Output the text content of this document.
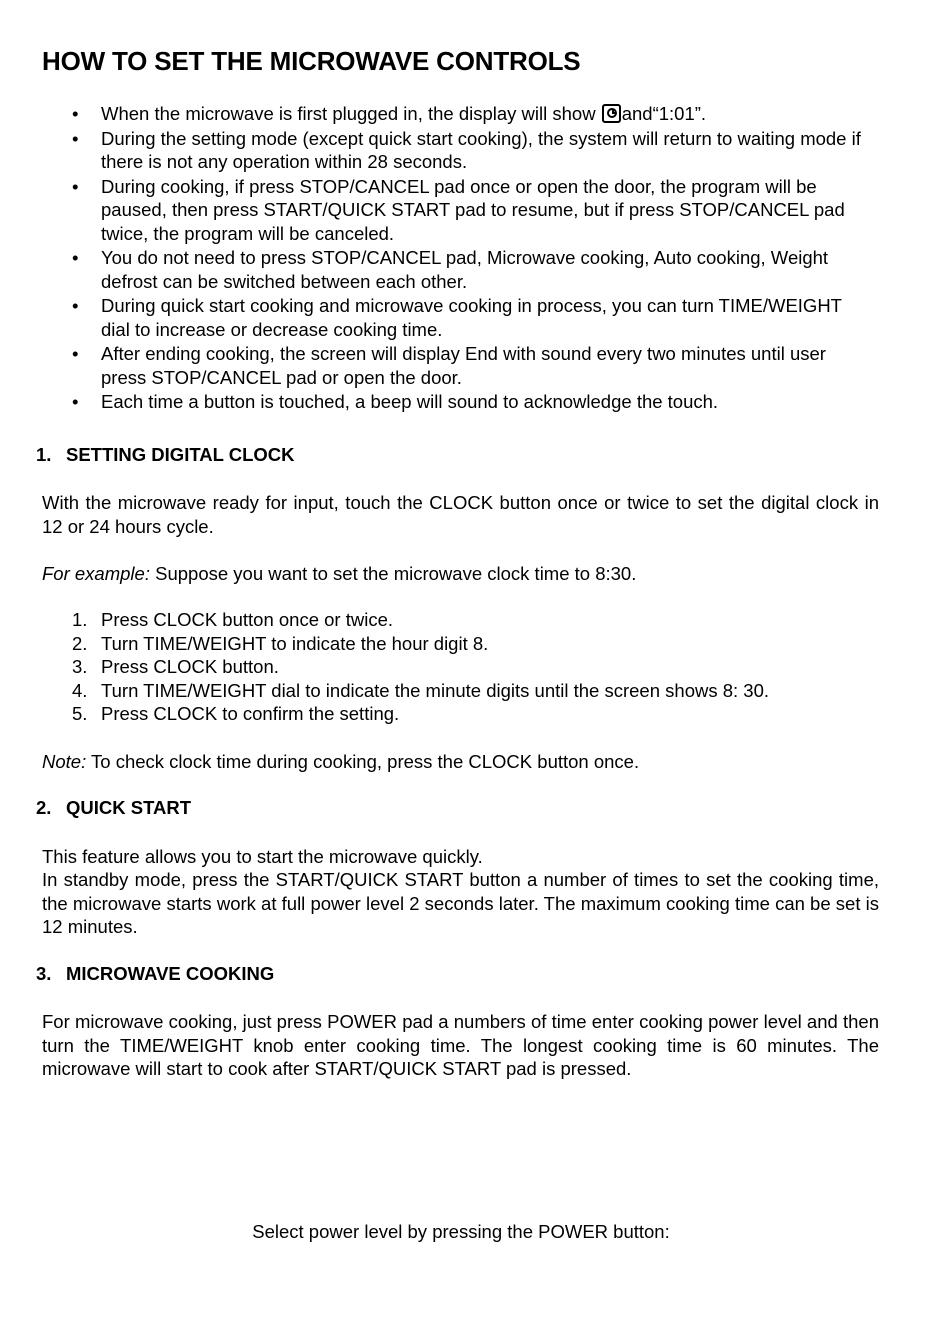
HOW TO SET THE MICROWAVE CONTROLS
• When the microwave is first plugged in, the display will show and“1:01”.
• During the setting mode (except quick start cooking), the system will return to waiting mode if there is not any operation within 28 seconds.
• During cooking, if press STOP/CANCEL pad once or open the door, the program will be paused, then press START/QUICK START pad to resume, but if press STOP/CANCEL pad twice, the program will be canceled.
• You do not need to press STOP/CANCEL pad, Microwave cooking, Auto cooking, Weight defrost can be switched between each other.
• During quick start cooking and microwave cooking in process, you can turn TIME/WEIGHT dial to increase or decrease cooking time.
• After ending cooking, the screen will display End with sound every two minutes until user press STOP/CANCEL pad or open the door.
• Each time a button is touched, a beep will sound to acknowledge the touch.
1. SETTING DIGITAL CLOCK
With the microwave ready for input, touch the CLOCK button once or twice to set the digital clock in 12 or 24 hours cycle.
For example: Suppose you want to set the microwave clock time to 8:30.
1. Press CLOCK button once or twice.
2. Turn TIME/WEIGHT to indicate the hour digit 8.
3. Press CLOCK button.
4. Turn TIME/WEIGHT dial to indicate the minute digits until the screen shows 8: 30.
5. Press CLOCK to confirm the setting.
Note: To check clock time during cooking, press the CLOCK button once.
2. QUICK START
This feature allows you to start the microwave quickly.
In standby mode, press the START/QUICK START button a number of times to set the cooking time, the microwave starts work at full power level 2 seconds later. The maximum cooking time can be set is 12 minutes.
3. MICROWAVE COOKING
For microwave cooking, just press POWER pad a numbers of time enter cooking power level and then turn the TIME/WEIGHT knob enter cooking time. The longest cooking time is 60 minutes. The microwave will start to cook after START/QUICK START pad is pressed.
Select power level by pressing the POWER button:
